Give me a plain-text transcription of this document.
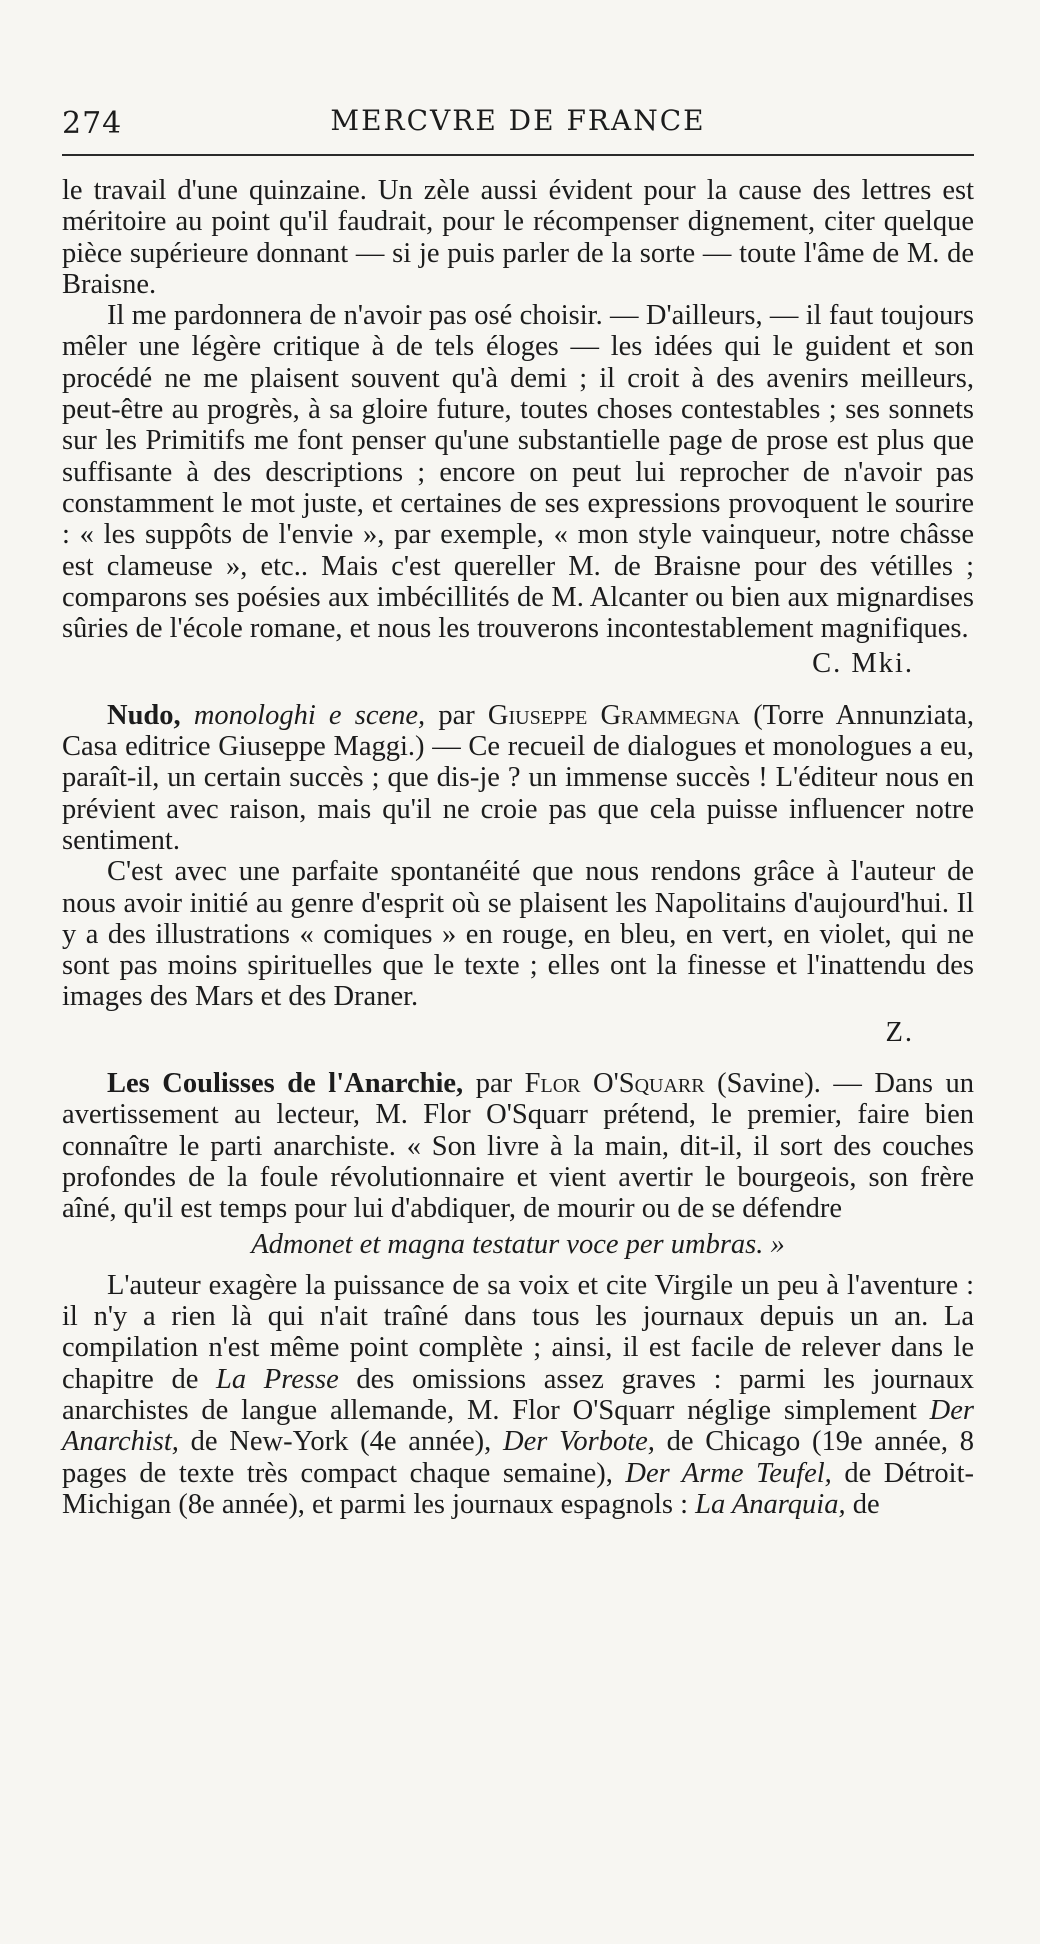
274	MERCVRE DE FRANCE

le travail d'une quinzaine. Un zèle aussi évident pour la cause des lettres est méritoire au point qu'il faudrait, pour le récompenser dignement, citer quelque pièce supérieure donnant — si je puis parler de la sorte — toute l'âme de M. de Braisne.

Il me pardonnera de n'avoir pas osé choisir. — D'ailleurs, — il faut toujours mêler une légère critique à de tels éloges — les idées qui le guident et son procédé ne me plaisent souvent qu'à demi ; il croit à des avenirs meilleurs, peut-être au progrès, à sa gloire future, toutes choses contestables ; ses sonnets sur les Primitifs me font penser qu'une substantielle page de prose est plus que suffisante à des descriptions ; encore on peut lui reprocher de n'avoir pas constamment le mot juste, et certaines de ses expressions provoquent le sourire : « les suppôts de l'envie », par exemple, « mon style vainqueur, notre châsse est clameuse », etc.. Mais c'est quereller M. de Braisne pour des vétilles ; comparons ses poésies aux imbécillités de M. Alcanter ou bien aux mignardises sûries de l'école romane, et nous les trouverons incontestablement magnifiques.

C. Mki.

Nudo, monologhi e scene, par Giuseppe Grammegna (Torre Annunziata, Casa editrice Giuseppe Maggi.) — Ce recueil de dialogues et monologues a eu, paraît-il, un certain succès ; que dis-je ? un immense succès ! L'éditeur nous en prévient avec raison, mais qu'il ne croie pas que cela puisse influencer notre sentiment.

C'est avec une parfaite spontanéité que nous rendons grâce à l'auteur de nous avoir initié au genre d'esprit où se plaisent les Napolitains d'aujourd'hui. Il y a des illustrations « comiques » en rouge, en bleu, en vert, en violet, qui ne sont pas moins spirituelles que le texte ; elles ont la finesse et l'inattendu des images des Mars et des Draner.

Z.

Les Coulisses de l'Anarchie, par Flor O'Squarr (Savine). — Dans un avertissement au lecteur, M. Flor O'Squarr prétend, le premier, faire bien connaître le parti anarchiste. « Son livre à la main, dit-il, il sort des couches profondes de la foule révolutionnaire et vient avertir le bourgeois, son frère aîné, qu'il est temps pour lui d'abdiquer, de mourir ou de se défendre

Admonet et magna testatur voce per umbras. »

L'auteur exagère la puissance de sa voix et cite Virgile un peu à l'aventure : il n'y a rien là qui n'ait traîné dans tous les journaux depuis un an. La compilation n'est même point complète ; ainsi, il est facile de relever dans le chapitre de La Presse des omissions assez graves : parmi les journaux anarchistes de langue allemande, M. Flor O'Squarr néglige simplement Der Anarchist, de New-York (4e année), Der Vorbote, de Chicago (19e année, 8 pages de texte très compact chaque semaine), Der Arme Teufel, de Détroit-Michigan (8e année), et parmi les journaux espagnols : La Anarquia, de
